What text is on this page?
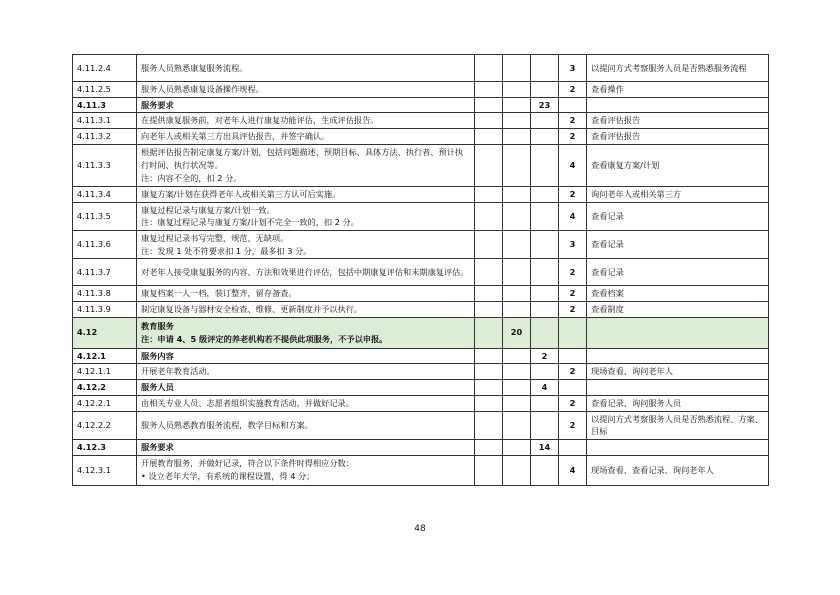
4.11.2.4	服务人员熟悉康复服务流程。				3	以提问方式考察服务人员是否熟悉服务流程
4.11.2.5	服务人员熟悉康复设备操作规程。				2	查看操作
4.11.3	服务要求			23		
4.11.3.1	在提供康复服务前，对老年人进行康复功能评估，生成评估报告。				2	查看评估报告
4.11.3.2	向老年人或相关第三方出具评估报告，并签字确认。				2	查看评估报告
4.11.3.3	根据评估报告制定康复方案/计划，包括问题描述、预期目标、具体方法、执行者、预计执行时间、执行状况等。
注：内容不全的，扣 2 分。				4	查看康复方案/计划
4.11.3.4	康复方案/计划在获得老年人或相关第三方认可后实施。				2	询问老年人或相关第三方
4.11.3.5	康复过程记录与康复方案/计划一致。
注：康复过程记录与康复方案/计划不完全一致的，扣 2 分。				4	查看记录
4.11.3.6	康复过程记录书写完整、规范、无缺项。
注：发现 1 处不符要求扣 1 分，最多扣 3 分。				3	查看记录
4.11.3.7	对老年人接受康复服务的内容、方法和效果进行评估，包括中期康复评估和末期康复评估。				2	查看记录
4.11.3.8	康复档案一人一档，装订整齐，留存备查。				2	查看档案
4.11.3.9	制定康复设备与器材安全检查、维修、更新制度并予以执行。				2	查看制度
4.12	教育服务
注：申请 4、5 级评定的养老机构若不提供此项服务，不予以申报。		20			
4.12.1	服务内容			2		
4.12.1.1	开展老年教育活动。				2	现场查看、询问老年人
4.12.2	服务人员			4		
4.12.2.1	由相关专业人员、志愿者组织实施教育活动，并做好记录。				2	查看记录、询问服务人员
4.12.2.2	服务人员熟悉教育服务流程，教学目标和方案。				2	以提问方式考察服务人员是否熟悉流程、方案、目标
4.12.3	服务要求			14		
4.12.3.1	开展教育服务，并做好记录，符合以下条件时得相应分数：
• 设立老年大学，有系统的课程设置，得 4 分；				4	现场查看、查看记录、询问老年人
48
